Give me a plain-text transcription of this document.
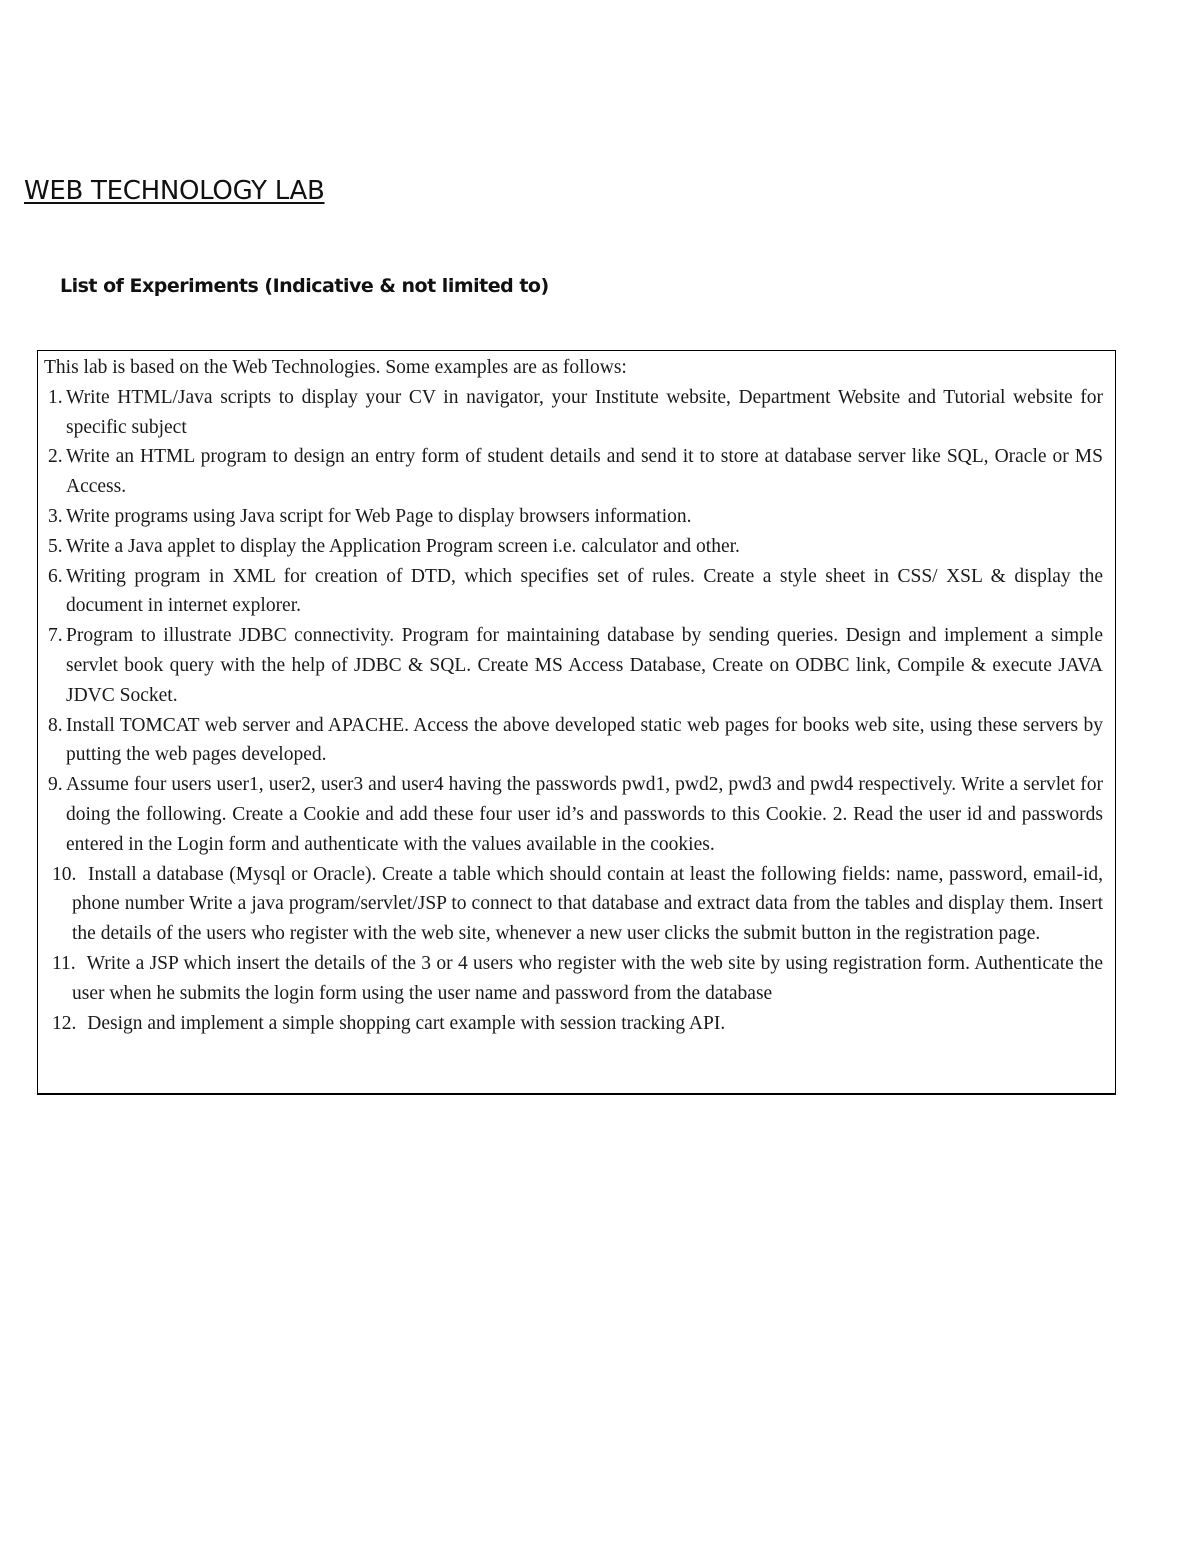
WEB TECHNOLOGY LAB
List of Experiments (Indicative & not limited to)

This lab is based on the Web Technologies. Some examples are as follows:

1. Write HTML/Java scripts to display your CV in navigator, your Institute website, Department Website and Tutorial website for specific subject
2. Write an HTML program to design an entry form of student details and send it to store at database server like SQL, Oracle or MS Access.
3. Write programs using Java script for Web Page to display browsers information.
5. Write a Java applet to display the Application Program screen i.e. calculator and other.
6. Writing program in XML for creation of DTD, which specifies set of rules. Create a style sheet in CSS/ XSL & display the document in internet explorer.
7. Program to illustrate JDBC connectivity. Program for maintaining database by sending queries. Design and implement a simple servlet book query with the help of JDBC & SQL. Create MS Access Database, Create on ODBC link, Compile & execute JAVA JDVC Socket.
8. Install TOMCAT web server and APACHE. Access the above developed static web pages for books web site, using these servers by putting the web pages developed.
9. Assume four users user1, user2, user3 and user4 having the passwords pwd1, pwd2, pwd3 and pwd4 respectively. Write a servlet for doing the following. Create a Cookie and add these four user id’s and passwords to this Cookie. 2. Read the user id and passwords entered in the Login form and authenticate with the values available in the cookies.
10. Install a database (Mysql or Oracle). Create a table which should contain at least the following fields: name, password, email-id, phone number Write a java program/servlet/JSP to connect to that database and extract data from the tables and display them. Insert the details of the users who register with the web site, whenever a new user clicks the submit button in the registration page.
11. Write a JSP which insert the details of the 3 or 4 users who register with the web site by using registration form. Authenticate the user when he submits the login form using the user name and password from the database
12. Design and implement a simple shopping cart example with session tracking API.
